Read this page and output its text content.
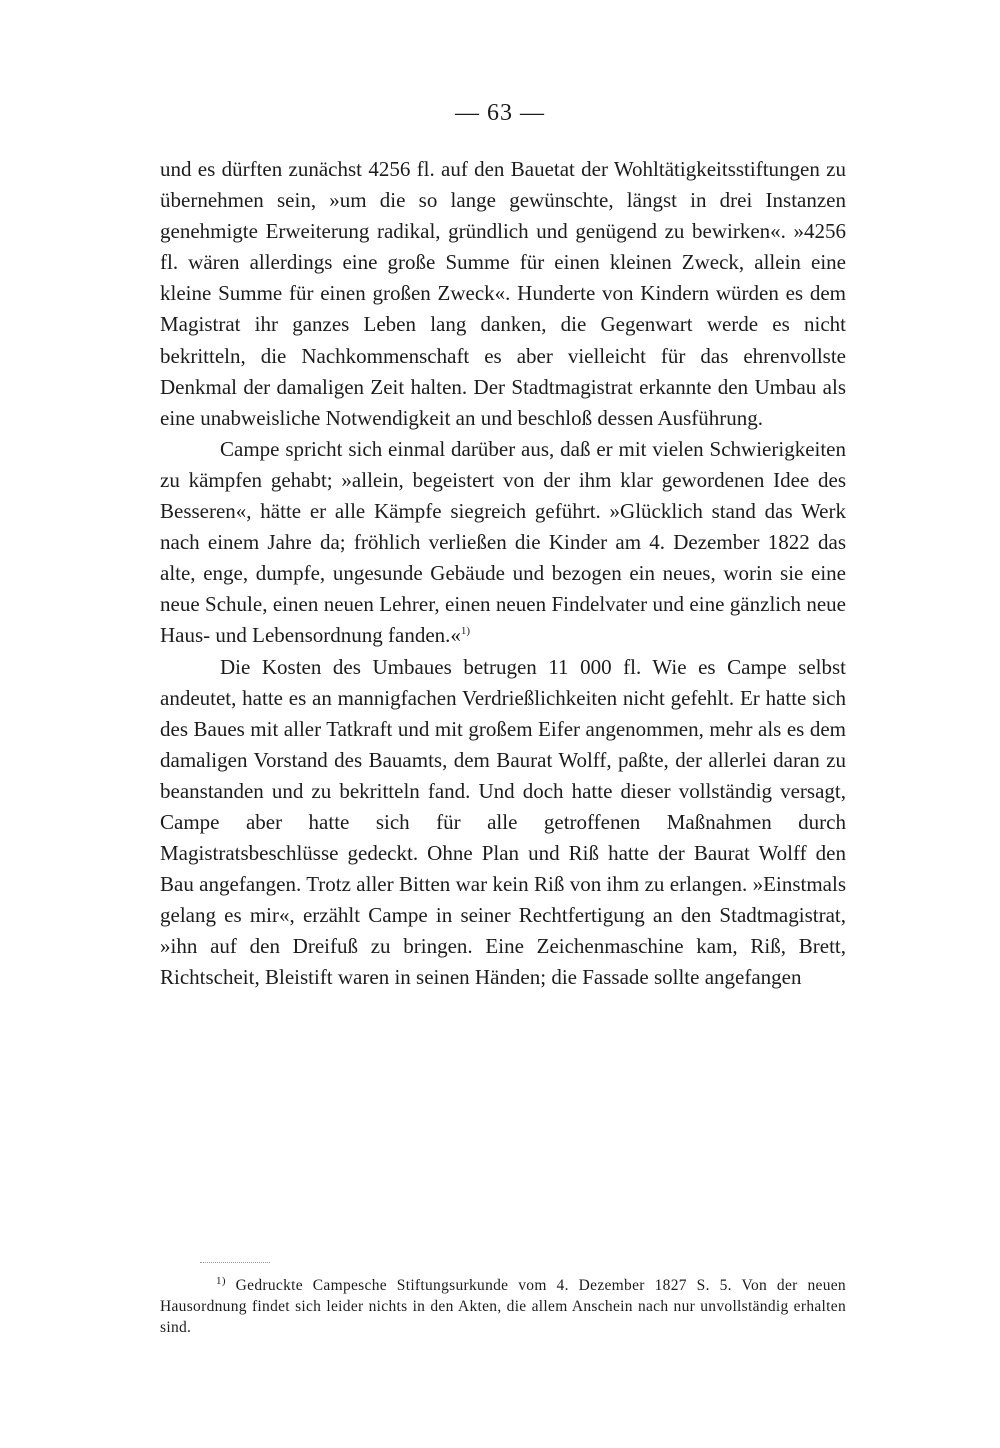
— 63 —

und es dürften zunächst 4256 fl. auf den Bauetat der Wohltätigkeitsstiftungen zu übernehmen sein, »um die so lange gewünschte, längst in drei Instanzen genehmigte Erweiterung radikal, gründlich und genügend zu bewirken«. »4256 fl. wären allerdings eine große Summe für einen kleinen Zweck, allein eine kleine Summe für einen großen Zweck«. Hunderte von Kindern würden es dem Magistrat ihr ganzes Leben lang danken, die Gegenwart werde es nicht bekritteln, die Nachkommenschaft es aber vielleicht für das ehrenvollste Denkmal der damaligen Zeit halten. Der Stadtmagistrat erkannte den Umbau als eine unabweisliche Notwendigkeit an und beschloß dessen Ausführung.

Campe spricht sich einmal darüber aus, daß er mit vielen Schwierigkeiten zu kämpfen gehabt; »allein, begeistert von der ihm klar gewordenen Idee des Besseren«, hätte er alle Kämpfe siegreich geführt. »Glücklich stand das Werk nach einem Jahre da; fröhlich verließen die Kinder am 4. Dezember 1822 das alte, enge, dumpfe, ungesunde Gebäude und bezogen ein neues, worin sie eine neue Schule, einen neuen Lehrer, einen neuen Findelvater und eine gänzlich neue Haus- und Lebensordnung fanden.«$^{1)}$

Die Kosten des Umbaues betrugen 11 000 fl. Wie es Campe selbst andeutet, hatte es an mannigfachen Verdrießlichkeiten nicht gefehlt. Er hatte sich des Baues mit aller Tatkraft und mit großem Eifer angenommen, mehr als es dem damaligen Vorstand des Bauamts, dem Baurat Wolff, paßte, der allerlei daran zu beanstanden und zu bekritteln fand. Und doch hatte dieser vollständig versagt, Campe aber hatte sich für alle getroffenen Maßnahmen durch Magistratsbeschlüsse gedeckt. Ohne Plan und Riß hatte der Baurat Wolff den Bau angefangen. Trotz aller Bitten war kein Riß von ihm zu erlangen. »Einstmals gelang es mir«, erzählt Campe in seiner Rechtfertigung an den Stadtmagistrat, »ihn auf den Dreifuß zu bringen. Eine Zeichenmaschine kam, Riß, Brett, Richtscheit, Bleistift waren in seinen Händen; die Fassade sollte angefangen

$^{1)}$ Gedruckte Campesche Stiftungsurkunde vom 4. Dezember 1827 S. 5. Von der neuen Hausordnung findet sich leider nichts in den Akten, die allem Anschein nach nur unvollständig erhalten sind.
